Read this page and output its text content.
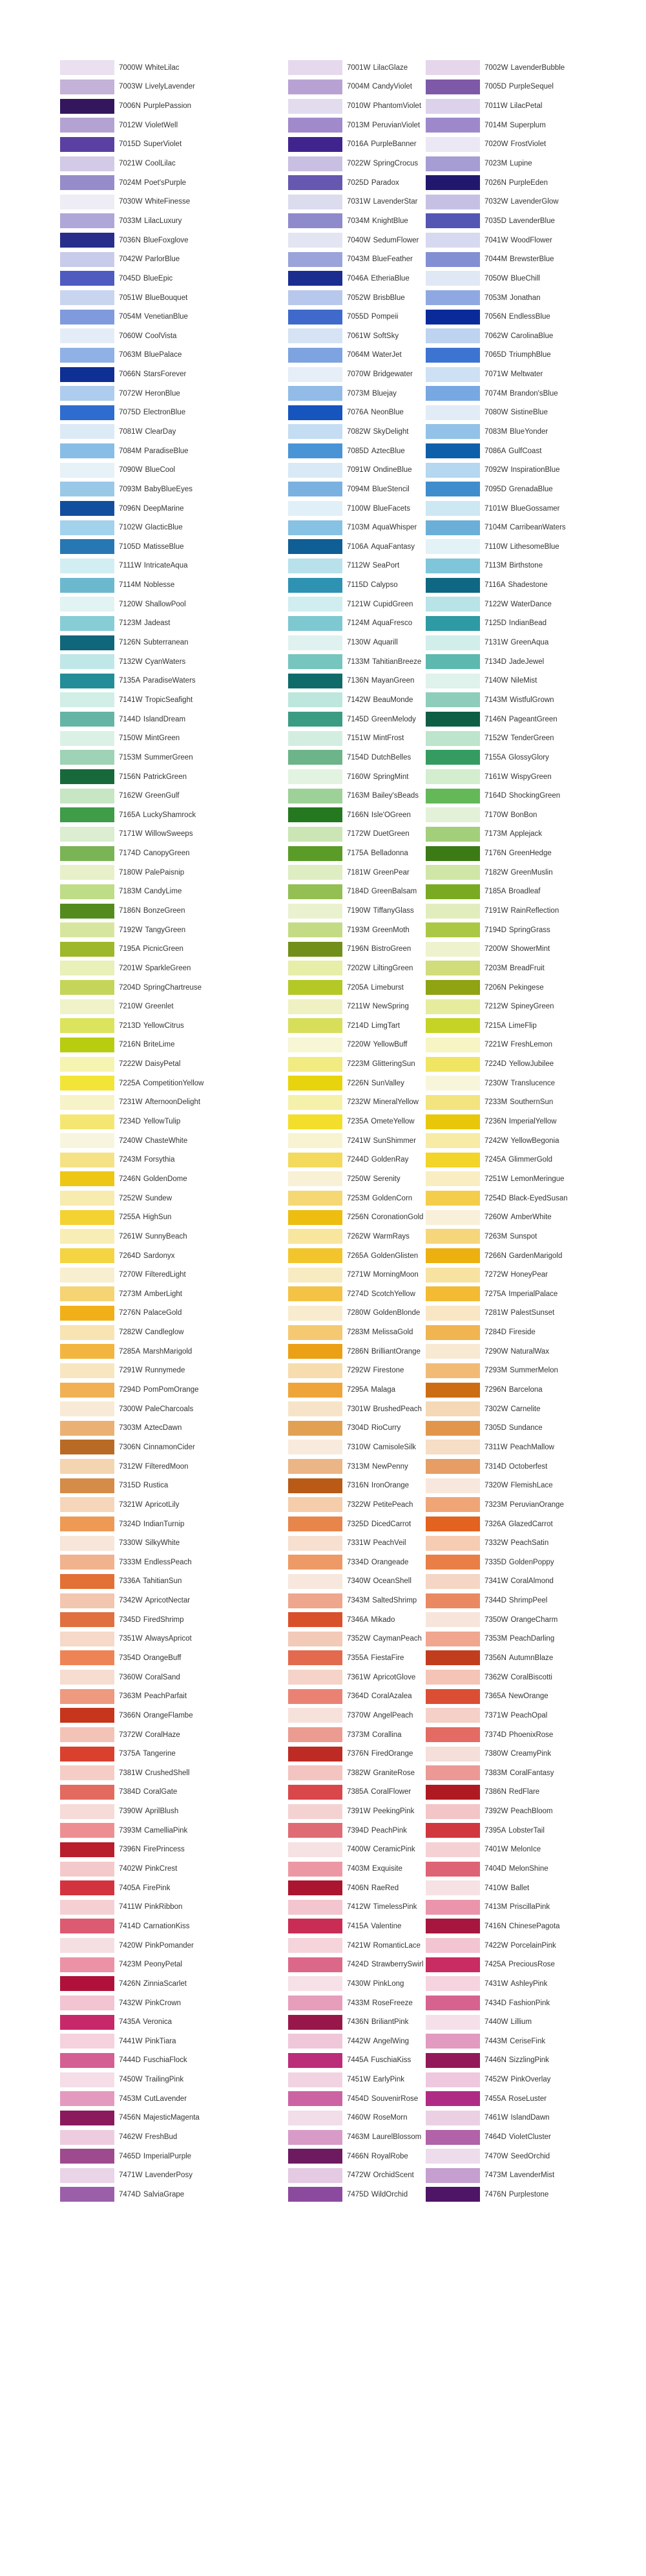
7000W WhiteLilac
7003W LivelyLavender
7006N PurplePassion
7012W VioletWell
7015D SuperViolet
7021W CoolLilac
7024M Poet'sPurple
7030W WhiteFinesse
7033M LilacLuxury
7036N BlueFoxglove
7042W ParlorBlue
7045D BlueEpic
7051W BlueBouquet
7054M VenetianBlue
7060W CoolVista
7063M BluePalace
7066N StarsForever
7072W HeronBlue
7075D ElectronBlue
7081W ClearDay
7084M ParadiseBlue
7090W BlueCool
7093M BabyBlueEyes
7096N DeepMarine
7102W GlacticBlue
7105D MatisseBlue
7111W IntricateAqua
7114M Noblesse
7120W ShallowPool
7123M Jadeast
7126N Subterranean
7132W CyanWaters
7135A ParadiseWaters
7141W TropicSeafight
7144D IslandDream
7150W MintGreen
7153M SummerGreen
7156N PatrickGreen
7162W GreenGulf
7165A LuckyShamrock
7171W WillowSweeps
7174D CanopyGreen
7180W PalePaisnip
7183M CandyLime
7186N BonzeGreen
7192W TangyGreen
7195A PicnicGreen
7201W SparkleGreen
7204D SpringChartreuse
7210W Greenlet
7213D YellowCitrus
7216N BriteLime
7222W DaisyPetal
7225A CompetitionYellow
7231W AfternoonDelight
7234D YellowTulip
7240W ChasteWhite
7243M Forsythia
7246N GoldenDome
7252W Sundew
7255A HighSun
7261W SunnyBeach
7264D Sardonyx
7270W FilteredLight
7273M AmberLight
7276N PalaceGold
7282W Candleglow
7285A MarshMarigold
7291W Runnymede
7294D PomPomOrange
7300W PaleCharcoals
7303M AztecDawn
7306N CinnamonCider
7312W FilteredMoon
7315D Rustica
7321W ApricotLily
7324D IndianTurnip
7330W SilkyWhite
7333M EndlessPeach
7336A TahitianSun
7342W ApricotNectar
7345D FiredShrimp
7351W AlwaysApricot
7354D OrangeBuff
7360W CoralSand
7363M PeachParfait
7366N OrangeFlambe
7372W CoralHaze
7375A Tangerine
7381W CrushedShell
7384D CoralGate
7390W AprilBlush
7393M CamelliaPink
7396N FirePrincess
7402W PinkCrest
7405A FirePink
7411W PinkRibbon
7414D CarnationKiss
7420W PinkPomander
7423M PeonyPetal
7426N ZinniaScarlet
7432W PinkCrown
7435A Veronica
7441W PinkTiara
7444D FuschiaFlock
7450W TrailingPink
7453M CutLavender
7456N MajesticMagenta
7462W FreshBud
7465D ImperialPurple
7471W LavenderPosy
7474D SalviaGrape
7001W LilacGlaze
7004M CandyViolet
7010W PhantomViolet
7013M PeruvianViolet
7016A PurpleBanner
7022W SpringCrocus
7025D Paradox
7031W LavenderStar
7034M KnightBlue
7040W SedumFlower
7043M BlueFeather
7046A EtheriaBlue
7052W BrisbBlue
7055D Pompeii
7061W SoftSky
7064M WaterJet
7070W Bridgewater
7073M Bluejay
7076A NeonBlue
7082W SkyDelight
7085D AztecBlue
7091W OndineBlue
7094M BlueStencil
7100W BlueFacets
7103M AquaWhisper
7106A AquaFantasy
7112W SeaPort
7115D Calypso
7121W CupidGreen
7124M AquaFresco
7130W Aquarill
7133M TahitianBreeze
7136N MayanGreen
7142W BeauMonde
7145D GreenMelody
7151W MintFrost
7154D DutchBelles
7160W SpringMint
7163M Bailey'sBeads
7166N Isle'OGreen
7172W DuetGreen
7175A Belladonna
7181W GreenPear
7184D GreenBalsam
7190W TiffanyGlass
7193M GreenMoth
7196N BistroGreen
7202W LiltingGreen
7205A Limeburst
7211W NewSpring
7214D LimgTart
7220W YellowBuff
7223M GlitteringSun
7226N SunValley
7232W MineralYellow
7235A OmeteYellow
7241W SunShimmer
7244D GoldenRay
7250W Serenity
7253M GoldenCorn
7256N CoronationGold
7262W WarmRays
7265A GoldenGlisten
7271W MorningMoon
7274D ScotchYellow
7280W GoldenBlonde
7283M MelissaGold
7286N BrilliantOrange
7292W Firestone
7295A Malaga
7301W BrushedPeach
7304D RioCurry
7310W CamisoleSilk
7313M NewPenny
7316N IronOrange
7322W PetitePeach
7325D DicedCarrot
7331W PeachVeil
7334D Orangeade
7340W OceanShell
7343M SaltedShrimp
7346A Mikado
7352W CaymanPeach
7355A FiestaFire
7361W ApricotGlove
7364D CoralAzalea
7370W AngelPeach
7373M Corallina
7376N FiredOrange
7382W GraniteRose
7385A CoralFlower
7391W PeekingPink
7394D PeachPink
7400W CeramicPink
7403M Exquisite
7406N RaeRed
7412W TimelessPink
7415A Valentine
7421W RomanticLace
7424D StrawberrySwirl
7430W PinkLong
7433M RoseFreeze
7436N BriliantPink
7442W AngelWing
7445A FuschiaKiss
7451W EarlyPink
7454D SouvenirRose
7460W RoseMorn
7463M LaurelBlossom
7466N RoyalRobe
7472W OrchidScent
7475D WildOrchid
7002W LavenderBubble
7005D PurpleSequel
7011W LilacPetal
7014M Superplum
7020W FrostViolet
7023M Lupine
7026N PurpleEden
7032W LavenderGlow
7035D LavenderBlue
7041W WoodFlower
7044M BrewsterBlue
7050W BlueChill
7053M Jonathan
7056N EndlessBlue
7062W CarolinaBlue
7065D TriumphBlue
7071W Meltwater
7074M Brandon'sBlue
7080W SistineBlue
7083M BlueYonder
7086A GulfCoast
7092W InspirationBlue
7095D GrenadaBlue
7101W BlueGossamer
7104M CarribeanWaters
7110W LithesomeBlue
7113M Birthstone
7116A Shadestone
7122W WaterDance
7125D IndianBead
7131W GreenAqua
7134D JadeJewel
7140W NileMist
7143M WistfulGrown
7146N PageantGreen
7152W TenderGreen
7155A GlossyGlory
7161W WispyGreen
7164D ShockingGreen
7170W BonBon
7173M Applejack
7176N GreenHedge
7182W GreenMuslin
7185A Broadleaf
7191W RainReflection
7194D SpringGrass
7200W ShowerMint
7203M BreadFruit
7206N Pekingese
7212W SpineyGreen
7215A LimeFlip
7221W FreshLemon
7224D YellowJubilee
7230W Translucence
7233M SouthernSun
7236N ImperialYellow
7242W YellowBegonia
7245A GlimmerGold
7251W LemonMeringue
7254D Black-EyedSusan
7260W AmberWhite
7263M Sunspot
7266N GardenMarigold
7272W HoneyPear
7275A ImperialPalace
7281W PalestSunset
7284D Fireside
7290W NaturalWax
7293M SummerMelon
7296N Barcelona
7302W Carnelite
7305D Sundance
7311W PeachMallow
7314D Octoberfest
7320W FlemishLace
7323M PeruvianOrange
7326A GlazedCarrot
7332W PeachSatin
7335D GoldenPoppy
7341W CoralAlmond
7344D ShrimpPeel
7350W OrangeCharm
7353M PeachDarling
7356N AutumnBlaze
7362W CoralBiscotti
7365A NewOrange
7371W PeachOpal
7374D PhoenixRose
7380W CreamyPink
7383M CoralFantasy
7386N RedFlare
7392W PeachBloom
7395A LobsterTail
7401W MelonIce
7404D MelonShine
7410W Ballet
7413M PriscillaPink
7416N ChinesePagota
7422W PorcelainPink
7425A PreciousRose
7431W AshleyPink
7434D FashionPink
7440W Lillium
7443M CeriseFink
7446N SizzlingPink
7452W PinkOverlay
7455A RoseLuster
7461W IslandDawn
7464D VioletCluster
7470W SeedOrchid
7473M LavenderMist
7476N Purplestone
